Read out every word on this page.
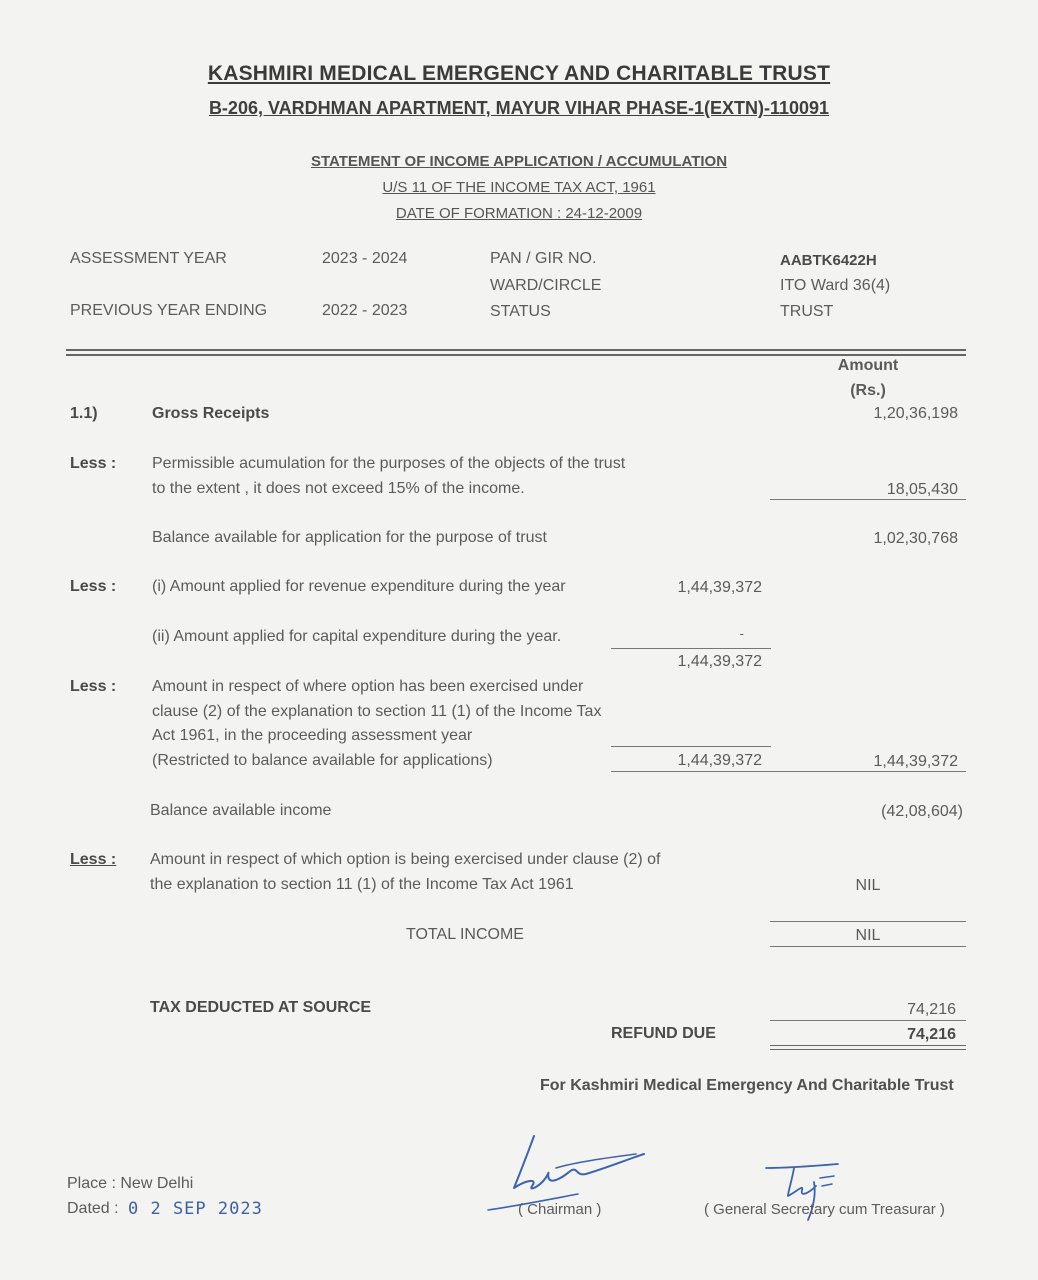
KASHMIRI MEDICAL EMERGENCY AND CHARITABLE TRUST
B-206, VARDHMAN APARTMENT, MAYUR VIHAR PHASE-1(EXTN)-110091
STATEMENT OF INCOME APPLICATION / ACCUMULATION
U/S 11 OF THE INCOME TAX ACT, 1961
DATE OF FORMATION : 24-12-2009
ASSESSMENT YEAR	2023 - 2024	PAN / GIR NO.	AABTK6422H
WARD/CIRCLE	ITO Ward 36(4)
PREVIOUS YEAR ENDING	2022 - 2023	STATUS	TRUST
Amount
(Rs.)
1.1)	Gross Receipts	1,20,36,198
Less : Permissible acumulation for the purposes of the objects of the trust
to the extent , it does not exceed 15% of the income.	18,05,430
Balance available for application for the purpose of trust	1,02,30,768
Less : (i) Amount applied for revenue expenditure during the year	1,44,39,372
(ii) Amount applied for capital expenditure during the year.	-
1,44,39,372
Less : Amount in respect of where option has been exercised under
clause (2) of the explanation to section 11 (1) of the Income Tax
Act 1961, in the proceeding assessment year
(Restricted to balance available for applications)	1,44,39,372	1,44,39,372
Balance available income	(42,08,604)
Less : Amount in respect of which option is being exercised under clause (2) of
the explanation to section 11 (1) of the Income Tax Act 1961	NIL
TOTAL INCOME	NIL
TAX DEDUCTED AT SOURCE	74,216
REFUND DUE	74,216
For Kashmiri Medical Emergency And Charitable Trust
Place : New Delhi
Dated : 0 2 SEP 2023	( Chairman )	( General Secretary cum Treasurar )
